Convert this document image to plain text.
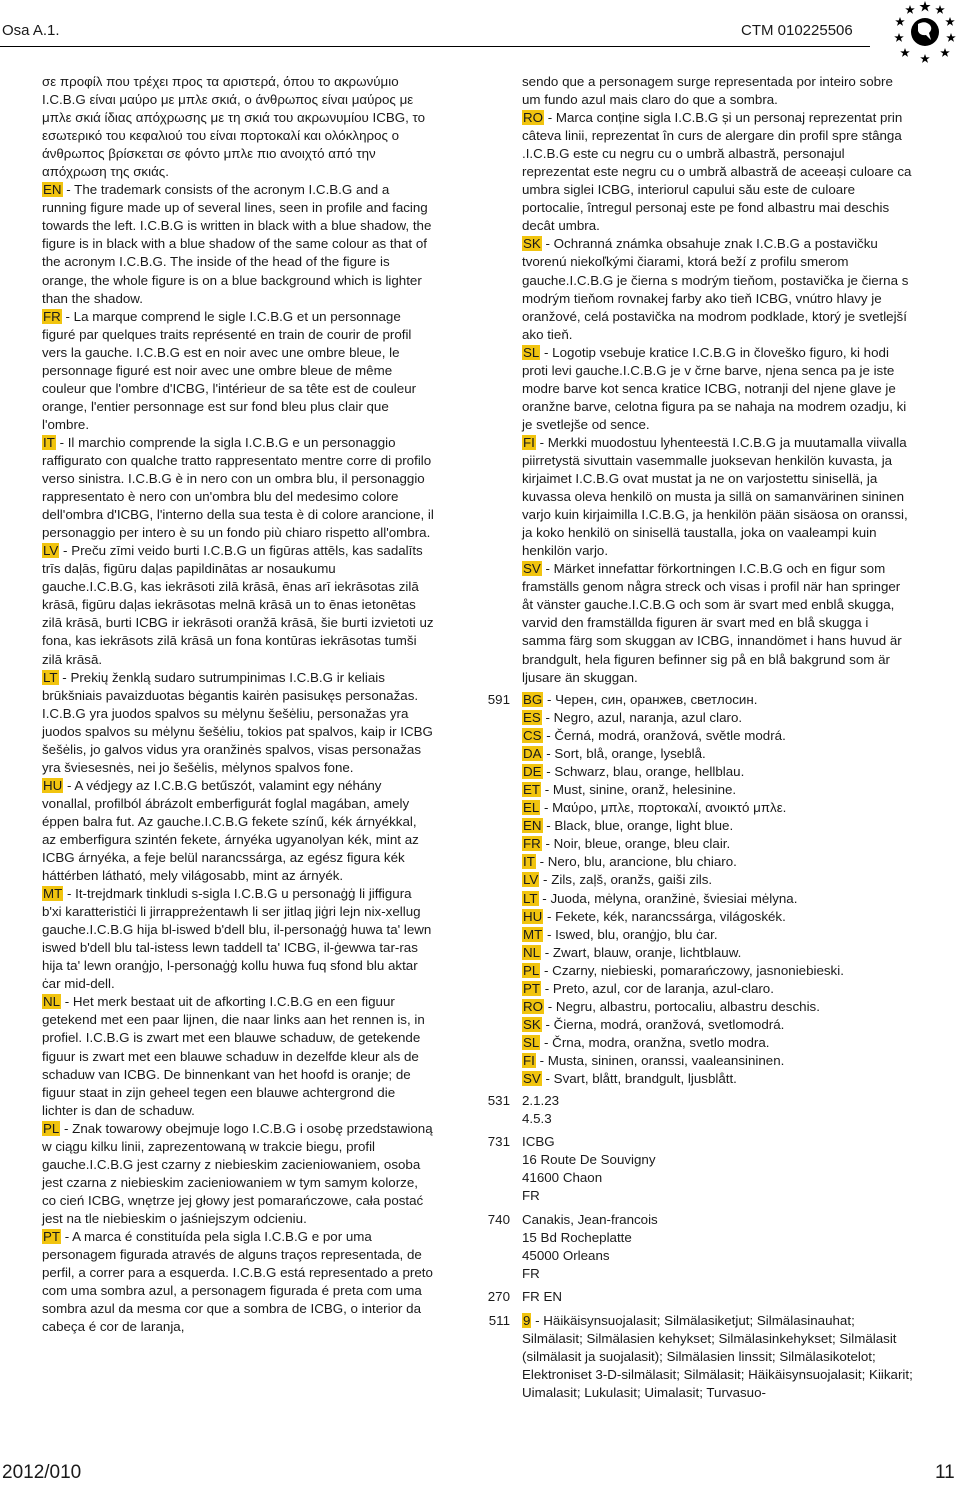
Osa A.1.	CTM 010225506

σε προφίλ που τρέχει προς τα αριστερά, όπου το ακρωνύμιο I.C.B.G είναι μαύρο με μπλε σκιά, ο άνθρωπος είναι μαύρος με μπλε σκιά ίδιας απόχρωσης με τη σκιά του ακρωνυμίου ICBG, το εσωτερικό του κεφαλιού του είναι πορτοκαλί και ολόκληρος ο άνθρωπος βρίσκεται σε φόντο μπλε πιο ανοιχτό από την απόχρωση της σκιάς.

EN - The trademark consists of the acronym I.C.B.G and a running figure made up of several lines, seen in profile and facing towards the left. I.C.B.G is written in black with a blue shadow, the figure is in black with a blue shadow of the same colour as that of the acronym I.C.B.G. The inside of the head of the figure is orange, the whole figure is on a blue background which is lighter than the shadow.

FR - La marque comprend le sigle I.C.B.G et un personnage figuré par quelques traits représenté en train de courir de profil vers la gauche. I.C.B.G est en noir avec une ombre bleue, le personnage figuré est noir avec une ombre bleue de même couleur que l'ombre d'ICBG, l'intérieur de sa tête est de couleur orange, l'entier personnage est sur fond bleu plus clair que l'ombre.

IT - Il marchio comprende la sigla I.C.B.G e un personaggio raffigurato con qualche tratto rappresentato mentre corre di profilo verso sinistra. I.C.B.G è in nero con un ombra blu, il personaggio rappresentato è nero con un'ombra blu del medesimo colore dell'ombra d'ICBG, l'interno della sua testa è di colore arancione, il personaggio per intero è su un fondo più chiaro rispetto all'ombra.

LV - Preču zīmi veido burti I.C.B.G un figūras attēls, kas sadalīts trīs daļās, figūru daļas papildinātas ar nosaukumu gauche.I.C.B.G, kas iekrāsoti zilā krāsā, ēnas arī iekrāsotas zilā krāsā, figūru daļas iekrāsotas melnā krāsā un to ēnas ietonētas zilā krāsā, burti ICBG ir iekrāsoti oranžā krāsā, šie burti izvietoti uz fona, kas iekrāsots zilā krāsā un fona kontūras iekrāsotas tumši zilā krāsā.

LT - Prekių ženklą sudaro sutrumpinimas I.C.B.G ir keliais brūkšniais pavaizduotas bėgantis kairėn pasisukęs personažas. I.C.B.G yra juodos spalvos su mėlynu šešėliu, personažas yra juodos spalvos su mėlynu šešėliu, tokios pat spalvos, kaip ir ICBG šešėlis, jo galvos vidus yra oranžinės spalvos, visas personažas yra šviesesnės, nei jo šešėlis, mėlynos spalvos fone.

HU - A védjegy az I.C.B.G betűszót, valamint egy néhány vonallal, profilból ábrázolt emberfigurát foglal magában, amely éppen balra fut. Az gauche.I.C.B.G fekete színű, kék árnyékkal, az emberfigura szintén fekete, árnyéka ugyanolyan kék, mint az ICBG árnyéka, a feje belül narancssárga, az egész figura kék háttérben látható, mely világosabb, mint az árnyék.

MT - It-trejdmark tinkludi s-sigla I.C.B.G u personaġġ li jiffigura b'xi karatteristiċi li jirrappreżentawh li ser jitlaq jiġri lejn nix-xellug gauche.I.C.B.G hija bl-iswed b'dell blu, il-personaġġ huwa ta' lewn iswed b'dell blu tal-istess lewn taddell ta' ICBG, il-ġewwa tar-ras hija ta' lewn oranġjo, l-personaġġ kollu huwa fuq sfond blu aktar ċar mid-dell.

NL - Het merk bestaat uit de afkorting I.C.B.G en een figuur getekend met een paar lijnen, die naar links aan het rennen is, in profiel. I.C.B.G is zwart met een blauwe schaduw, de getekende figuur is zwart met een blauwe schaduw in dezelfde kleur als de schaduw van ICBG. De binnenkant van het hoofd is oranje; de figuur staat in zijn geheel tegen een blauwe achtergrond die lichter is dan de schaduw.

PL - Znak towarowy obejmuje logo I.C.B.G i osobę przedstawioną w ciągu kilku linii, zaprezentowaną w trakcie biegu, profil gauche.I.C.B.G jest czarny z niebieskim zacieniowaniem, osoba jest czarna z niebieskim zacieniowaniem w tym samym kolorze, co cień ICBG, wnętrze jej głowy jest pomarańczowe, cała postać jest na tle niebieskim o jaśniejszym odcieniu.

PT - A marca é constituída pela sigla I.C.B.G e por uma personagem figurada através de alguns traços representada, de perfil, a correr para a esquerda. I.C.B.G está representado a preto com uma sombra azul, a personagem figurada é preta com uma sombra azul da mesma cor que a sombra de ICBG, o interior da cabeça é cor de laranja,

sendo que a personagem surge representada por inteiro sobre um fundo azul mais claro do que a sombra.

RO - Marca conține sigla I.C.B.G și un personaj reprezentat prin câteva linii, reprezentat în curs de alergare din profil spre stânga .I.C.B.G este cu negru cu o umbră albastră, personajul reprezentat este negru cu o umbră albastră de aceeași culoare ca umbra siglei ICBG, interiorul capului său este de culoare portocalie, întregul personaj este pe fond albastru mai deschis decât umbra.

SK - Ochranná známka obsahuje znak I.C.B.G a postavičku tvorenú niekoľkými čiarami, ktorá beží z profilu smerom gauche.I.C.B.G je čierna s modrým tieňom, postavička je čierna s modrým tieňom rovnakej farby ako tieň ICBG, vnútro hlavy je oranžové, celá postavička na modrom podklade, ktorý je svetlejší ako tieň.

SL - Logotip vsebuje kratice I.C.B.G in človeško figuro, ki hodi proti levi gauche.I.C.B.G je v črne barve, njena senca pa je iste modre barve kot senca kratice ICBG, notranji del njene glave je oranžne barve, celotna figura pa se nahaja na modrem ozadju, ki je svetlejše od sence.

FI - Merkki muodostuu lyhenteestä I.C.B.G ja muutamalla viivalla piirretystä sivuttain vasemmalle juoksevan henkilön kuvasta, ja kirjaimet I.C.B.G ovat mustat ja ne on varjostettu sinisellä, ja kuvassa oleva henkilö on musta ja sillä on samanvärinen sininen varjo kuin kirjaimilla I.C.B.G, ja henkilön pään sisäosa on oranssi, ja koko henkilö on sinisellä taustalla, joka on vaaleampi kuin henkilön varjo.

SV - Märket innefattar förkortningen I.C.B.G och en figur som framställs genom några streck och visas i profil när han springer åt vänster gauche.I.C.B.G och som är svart med enblå skugga, varvid den framställda figuren är svart med en blå skugga i samma färg som skuggan av ICBG, innandömet i hans huvud är brandgult, hela figuren befinner sig på en blå bakgrund som är ljusare än skuggan.

591 BG - Черен, син, оранжев, светлосин.

ES - Negro, azul, naranja, azul claro.

CS - Černá, modrá, oranžová, světle modrá.

DA - Sort, blå, orange, lyseblå.

DE - Schwarz, blau, orange, hellblau.

ET - Must, sinine, oranž, helesinine.

EL - Μαύρο, μπλε, πορτοκαλί, ανοικτό μπλε.

EN - Black, blue, orange, light blue.

FR - Noir, bleue, orange, bleu clair.

IT - Nero, blu, arancione, blu chiaro.

LV - Zils, zaļš, oranžs, gaiši zils.

LT - Juoda, mėlyna, oranžinė, šviesiai mėlyna.

HU - Fekete, kék, narancssárga, világoskék.

MT - Iswed, blu, oranġjo, blu ċar.

NL - Zwart, blauw, oranje, lichtblauw.

PL - Czarny, niebieski, pomarańczowy, jasnoniebieski.

PT - Preto, azul, cor de laranja, azul-claro.

RO - Negru, albastru, portocaliu, albastru deschis.

SK - Čierna, modrá, oranžová, svetlomodrá.

SL - Črna, modra, oranžna, svetlo modra.

FI - Musta, sininen, oranssi, vaaleansininen.

SV - Svart, blått, brandgult, ljusblått.

531 2.1.23

4.5.3

731 ICBG

16 Route De Souvigny

41600 Chaon

FR

740 Canakis, Jean-francois

15 Bd Rocheplatte

45000 Orleans

FR

270 FR EN

511 9 - Häikäisynsuojalasit; Silmälasiketjut; Silmälasinauhat; Silmälasit; Silmälasien kehykset; Silmälasinkehykset; Silmälasit (silmälasit ja suojalasit); Silmälasien linssit; Silmälasikotelot; Elektroniset 3-D-silmälasit; Silmälasit; Häikäisynsuojalasit; Kiikarit; Uimalasit; Lukulasit; Uimalasit; Turvasuo-

2012/010	11
